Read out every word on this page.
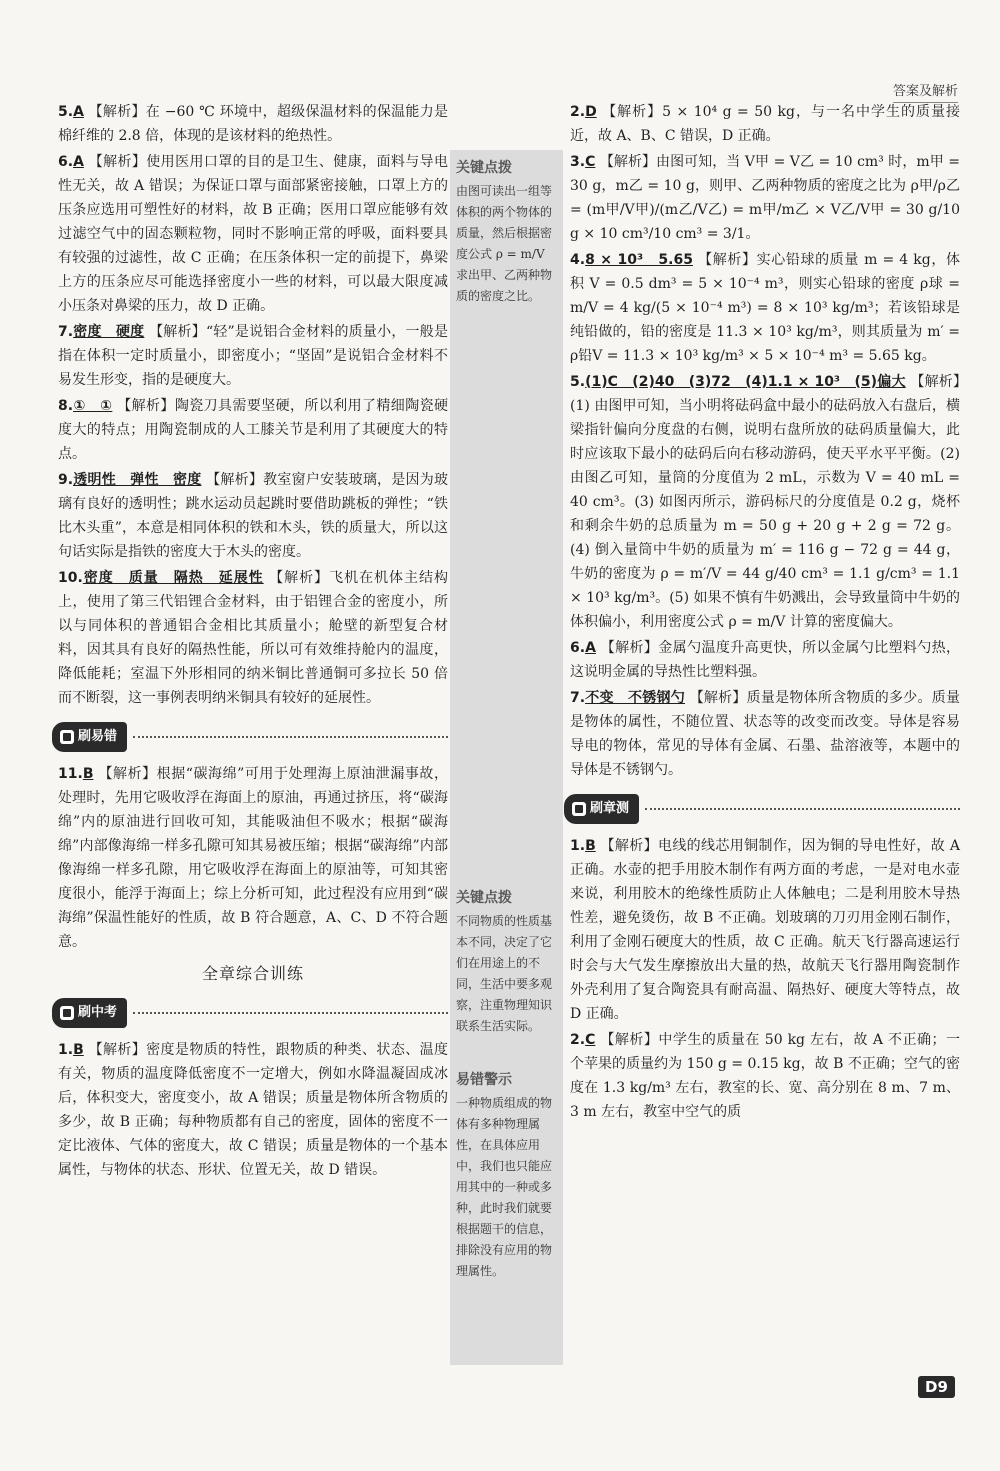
答案及解析
5.A 【解析】在 −60 ℃ 环境中，超级保温材料的保温能力是棉纤维的 2.8 倍，体现的是该材料的绝热性。
6.A 【解析】使用医用口罩的目的是卫生、健康，面料与导电性无关，故 A 错误；为保证口罩与面部紧密接触，口罩上方的压条应选用可塑性好的材料，故 B 正确；医用口罩应能够有效过滤空气中的固态颗粒物，同时不影响正常的呼吸，面料要具有较强的过滤性，故 C 正确；在压条体积一定的前提下，鼻梁上方的压条应尽可能选择密度小一些的材料，可以最大限度减小压条对鼻梁的压力，故 D 正确。
7.密度　硬度 【解析】“轻”是说铝合金材料的质量小，一般是指在体积一定时质量小，即密度小；“坚固”是说铝合金材料不易发生形变，指的是硬度大。
8.①　① 【解析】陶瓷刀具需要坚硬，所以利用了精细陶瓷硬度大的特点；用陶瓷制成的人工膝关节是利用了其硬度大的特点。
9.透明性　弹性　密度 【解析】教室窗户安装玻璃，是因为玻璃有良好的透明性；跳水运动员起跳时要借助跳板的弹性；“铁比木头重”，本意是相同体积的铁和木头，铁的质量大，所以这句话实际是指铁的密度大于木头的密度。
10.密度　质量　隔热　延展性 【解析】飞机在机体主结构上，使用了第三代铝锂合金材料，由于铝锂合金的密度小，所以与同体积的普通铝合金相比其质量小；舱壁的新型复合材料，因其具有良好的隔热性能，所以可有效维持舱内的温度，降低能耗；室温下外形相同的纳米铜比普通铜可多拉长 50 倍而不断裂，这一事例表明纳米铜具有较好的延展性。
刷易错
11.B 【解析】根据“碳海绵”可用于处理海上原油泄漏事故，处理时，先用它吸收浮在海面上的原油，再通过挤压，将“碳海绵”内的原油进行回收可知，其能吸油但不吸水；根据“碳海绵”内部像海绵一样多孔隙可知其易被压缩；根据“碳海绵”内部像海绵一样多孔隙，用它吸收浮在海面上的原油等，可知其密度很小，能浮于海面上；综上分析可知，此过程没有应用到“碳海绵”保温性能好的性质，故 B 符合题意，A、C、D 不符合题意。
全章综合训练
刷中考
1.B 【解析】密度是物质的特性，跟物质的种类、状态、温度有关，物质的温度降低密度不一定增大，例如水降温凝固成冰后，体积变大，密度变小，故 A 错误；质量是物体所含物质的多少，故 B 正确；每种物质都有自己的密度，固体的密度不一定比液体、气体的密度大，故 C 错误；质量是物体的一个基本属性，与物体的状态、形状、位置无关，故 D 错误。
关键点拨
由图可读出一组等体积的两个物体的质量，然后根据密度公式 ρ = m/V 求出甲、乙两种物质的密度之比。
关键点拨
不同物质的性质基本不同，决定了它们在用途上的不同，生活中要多观察，注重物理知识联系生活实际。
易错警示
一种物质组成的物体有多种物理属性，在具体应用中，我们也只能应用其中的一种或多种，此时我们就要根据题干的信息，排除没有应用的物理属性。
2.D 【解析】5 × 10⁴ g = 50 kg，与一名中学生的质量接近，故 A、B、C 错误，D 正确。
3.C 【解析】由图可知，当 V甲 = V乙 = 10 cm³ 时，m甲 = 30 g，m乙 = 10 g，则甲、乙两种物质的密度之比为 ρ甲/ρ乙 = (m甲/V甲)/(m乙/V乙) = m甲/m乙 × V乙/V甲 = 30 g/10 g × 10 cm³/10 cm³ = 3/1。
4.8 × 10³　5.65 【解析】实心铅球的质量 m = 4 kg，体积 V = 0.5 dm³ = 5 × 10⁻⁴ m³，则实心铅球的密度 ρ球 = m/V = 4 kg/(5 × 10⁻⁴ m³) = 8 × 10³ kg/m³；若该铅球是纯铅做的，铅的密度是 11.3 × 10³ kg/m³，则其质量为 m′ = ρ铅V = 11.3 × 10³ kg/m³ × 5 × 10⁻⁴ m³ = 5.65 kg。
5.(1)C　(2)40　(3)72　(4)1.1 × 10³　(5)偏大 【解析】(1) 由图甲可知，当小明将砝码盒中最小的砝码放入右盘后，横梁指针偏向分度盘的右侧，说明右盘所放的砝码质量偏大，此时应该取下最小的砝码后向右移动游码，使天平水平平衡。(2) 由图乙可知，量筒的分度值为 2 mL，示数为 V = 40 mL = 40 cm³。(3) 如图丙所示，游码标尺的分度值是 0.2 g，烧杯和剩余牛奶的总质量为 m = 50 g + 20 g + 2 g = 72 g。(4) 倒入量筒中牛奶的质量为 m′ = 116 g − 72 g = 44 g，牛奶的密度为 ρ = m′/V = 44 g/40 cm³ = 1.1 g/cm³ = 1.1 × 10³ kg/m³。(5) 如果不慎有牛奶溅出，会导致量筒中牛奶的体积偏小，利用密度公式 ρ = m/V 计算的密度偏大。
6.A 【解析】金属勺温度升高更快，所以金属勺比塑料勺热，这说明金属的导热性比塑料强。
7.不变　不锈钢勺 【解析】质量是物体所含物质的多少。质量是物体的属性，不随位置、状态等的改变而改变。导体是容易导电的物体，常见的导体有金属、石墨、盐溶液等，本题中的导体是不锈钢勺。
刷章测
1.B 【解析】电线的线芯用铜制作，因为铜的导电性好，故 A 正确。水壶的把手用胶木制作有两方面的考虑，一是对电水壶来说，利用胶木的绝缘性质防止人体触电；二是利用胶木导热性差，避免烫伤，故 B 不正确。划玻璃的刀刃用金刚石制作，利用了金刚石硬度大的性质，故 C 正确。航天飞行器高速运行时会与大气发生摩擦放出大量的热，故航天飞行器用陶瓷制作外壳利用了复合陶瓷具有耐高温、隔热好、硬度大等特点，故 D 正确。
2.C 【解析】中学生的质量在 50 kg 左右，故 A 不正确；一个苹果的质量约为 150 g = 0.15 kg，故 B 不正确；空气的密度在 1.3 kg/m³ 左右，教室的长、宽、高分别在 8 m、7 m、3 m 左右，教室中空气的质
D9
